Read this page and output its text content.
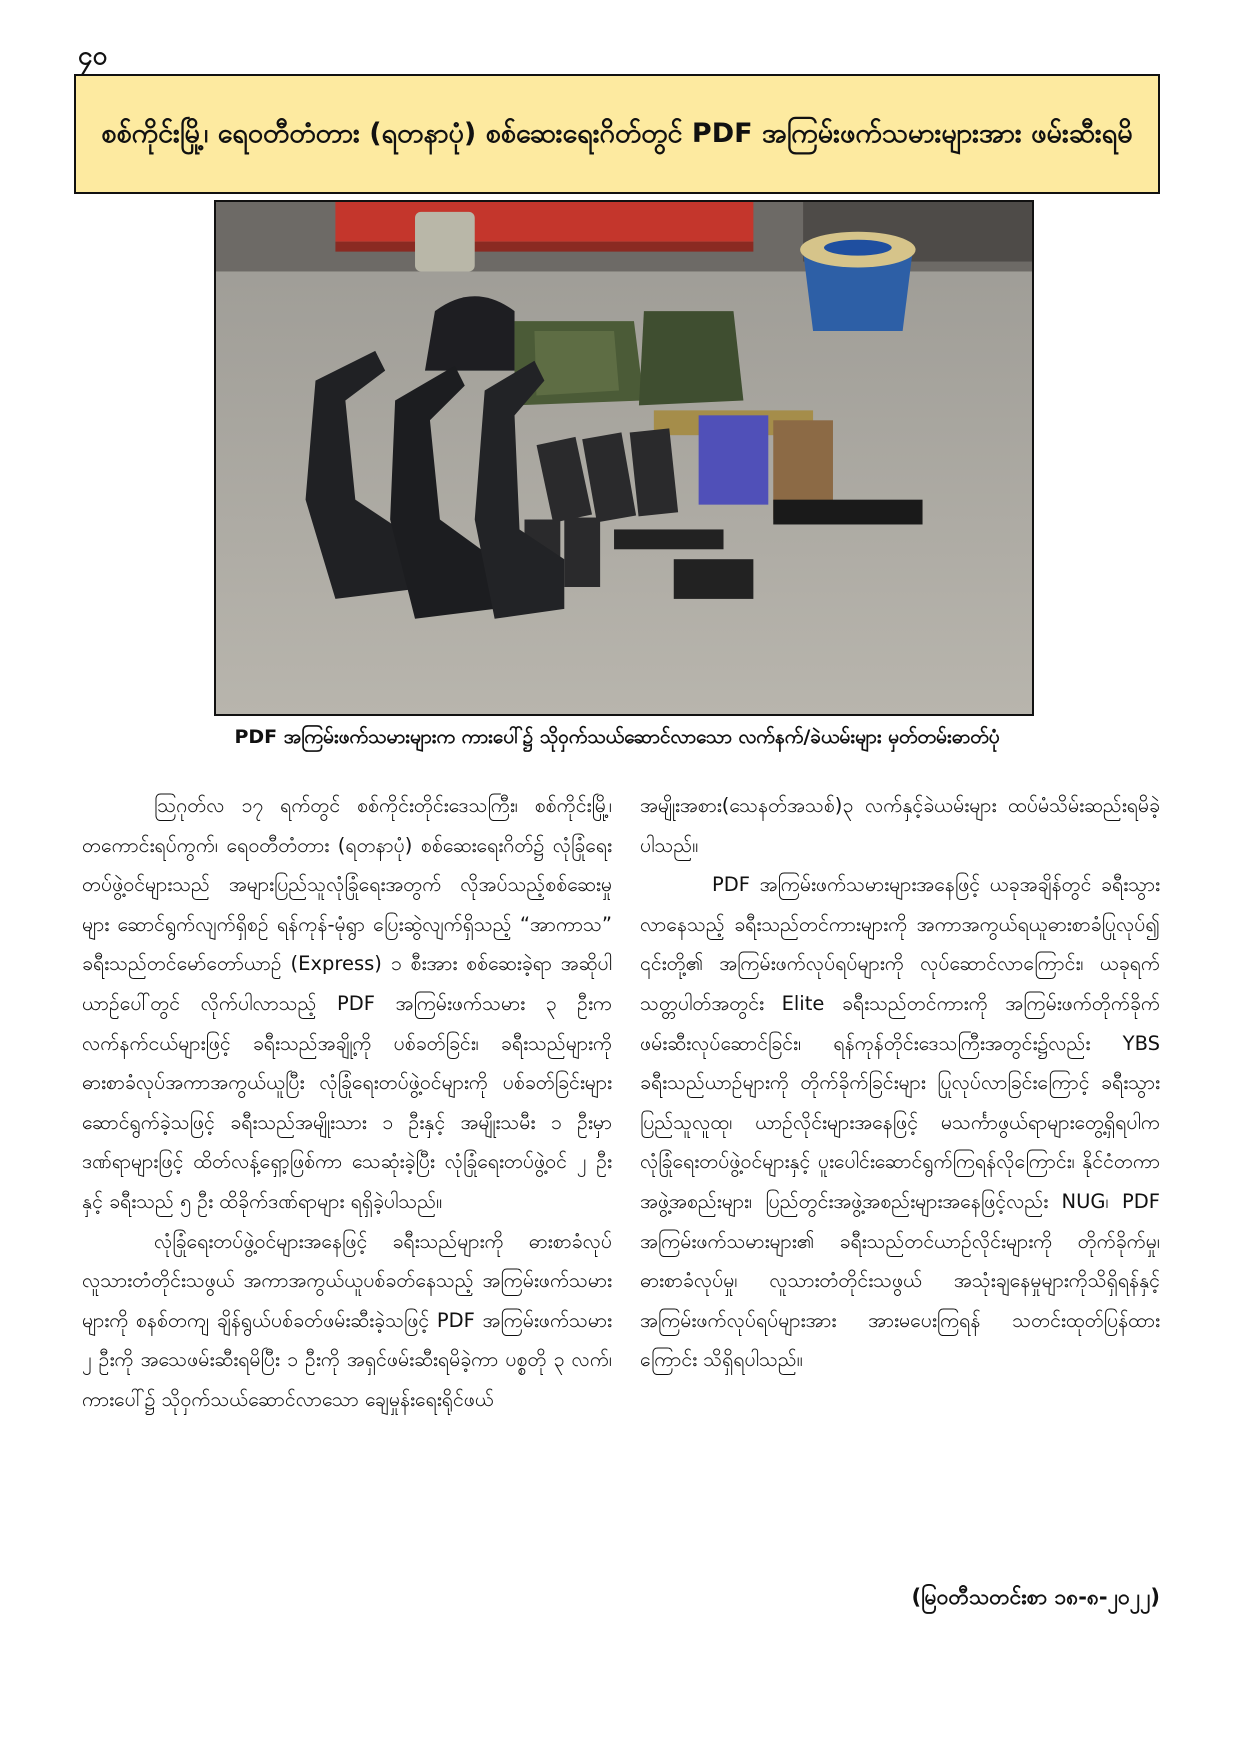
၄၀
စစ်ကိုင်းမြို့၊ ရေဝတီတံတား (ရတနာပုံ) စစ်ဆေးရေးဂိတ်တွင် PDF အကြမ်းဖက်သမားများအား ဖမ်းဆီးရမိ
PDF အကြမ်းဖက်သမားများက ကားပေါ်၌ သိုဝှက်သယ်ဆောင်လာသော လက်နက်/ခဲယမ်းများ မှတ်တမ်းဓာတ်ပုံ

ဩဂုတ်လ ၁၇ ရက်တွင် စစ်ကိုင်းတိုင်းဒေသကြီး၊ စစ်ကိုင်းမြို့၊ တကောင်းရပ်ကွက်၊ ရေဝတီတံတား (ရတနာပုံ) စစ်ဆေးရေးဂိတ်၌ လုံခြုံရေးတပ်ဖွဲ့ဝင်များသည် အများပြည်သူလုံခြုံရေးအတွက် လိုအပ်သည့်စစ်ဆေးမှုများ ဆောင်ရွက်လျက်ရှိစဉ် ရန်ကုန်-မုံရွာ ပြေးဆွဲလျက်ရှိသည့် “အာကာသ” ခရီးသည်တင်မော်တော်ယာဉ် (Express) ၁ စီးအား စစ်ဆေးခဲ့ရာ အဆိုပါယာဉ်ပေါ်တွင် လိုက်ပါလာသည့် PDF အကြမ်းဖက်သမား ၃ ဦးက လက်နက်ငယ်များဖြင့် ခရီးသည်အချို့ကို ပစ်ခတ်ခြင်း၊ ခရီးသည်များကို ဓားစာခံလုပ်အကာအကွယ်ယူပြီး လုံခြုံရေးတပ်ဖွဲ့ဝင်များကို ပစ်ခတ်ခြင်းများ ဆောင်ရွက်ခဲ့သဖြင့် ခရီးသည်အမျိုးသား ၁ ဦးနှင့် အမျိုးသမီး ၁ ဦးမှာ ဒဏ်ရာများဖြင့် ထိတ်လန့်ရှော့ဖြစ်ကာ သေဆုံးခဲ့ပြီး လုံခြုံရေးတပ်ဖွဲ့ဝင် ၂ ဦးနှင့် ခရီးသည် ၅ ဦး ထိခိုက်ဒဏ်ရာများ ရရှိခဲ့ပါသည်။

လုံခြုံရေးတပ်ဖွဲ့ဝင်များအနေဖြင့် ခရီးသည်များကို ဓားစာခံလုပ် လူသားတံတိုင်းသဖွယ် အကာအကွယ်ယူပစ်ခတ်နေသည့် အကြမ်းဖက်သမားများကို စနစ်တကျ ချိန်ရွယ်ပစ်ခတ်ဖမ်းဆီးခဲ့သဖြင့် PDF အကြမ်းဖက်သမား ၂ ဦးကို အသေဖမ်းဆီးရမိပြီး ၁ ဦးကို အရှင်ဖမ်းဆီးရမိခဲ့ကာ ပစ္စတို ၃ လက်၊ ကားပေါ်၌ သိုဝှက်သယ်ဆောင်လာသော ချေမှုန်းရေးရိုင်ဖယ်

အမျိုးအစား(သေနတ်အသစ်)၃ လက်နှင့်ခဲယမ်းများ ထပ်မံသိမ်းဆည်းရမိခဲ့ပါသည်။

PDF အကြမ်းဖက်သမားများအနေဖြင့် ယခုအချိန်တွင် ခရီးသွားလာနေသည့် ခရီးသည်တင်ကားများကို အကာအကွယ်ရယူဓားစာခံပြုလုပ်၍ ၎င်းတို့၏ အကြမ်းဖက်လုပ်ရပ်များကို လုပ်ဆောင်လာကြောင်း၊ ယခုရက်သတ္တပါတ်အတွင်း Elite ခရီးသည်တင်ကားကို အကြမ်းဖက်တိုက်ခိုက် ဖမ်းဆီးလုပ်ဆောင်ခြင်း၊ ရန်ကုန်တိုင်းဒေသကြီးအတွင်း၌လည်း YBS ခရီးသည်ယာဉ်များကို တိုက်ခိုက်ခြင်းများ ပြုလုပ်လာခြင်းကြောင့် ခရီးသွားပြည်သူလူထု၊ ယာဉ်လိုင်းများအနေဖြင့် မသင်္ကာဖွယ်ရာများတွေ့ရှိရပါက လုံခြုံရေးတပ်ဖွဲ့ဝင်များနှင့် ပူးပေါင်းဆောင်ရွက်ကြရန်လိုကြောင်း၊ နိုင်ငံတကာအဖွဲ့အစည်းများ၊ ပြည်တွင်းအဖွဲ့အစည်းများအနေဖြင့်လည်း NUG၊ PDF အကြမ်းဖက်သမားများ၏ ခရီးသည်တင်ယာဉ်လိုင်းများကို တိုက်ခိုက်မှု၊ ဓားစာခံလုပ်မှု၊ လူသားတံတိုင်းသဖွယ် အသုံးချနေမှုများကိုသိရှိရန်နှင့် အကြမ်းဖက်လုပ်ရပ်များအား အားမပေးကြရန် သတင်းထုတ်ပြန်ထားကြောင်း သိရှိရပါသည်။

(မြဝတီသတင်းစာ ၁၈-၈-၂၀၂၂)
